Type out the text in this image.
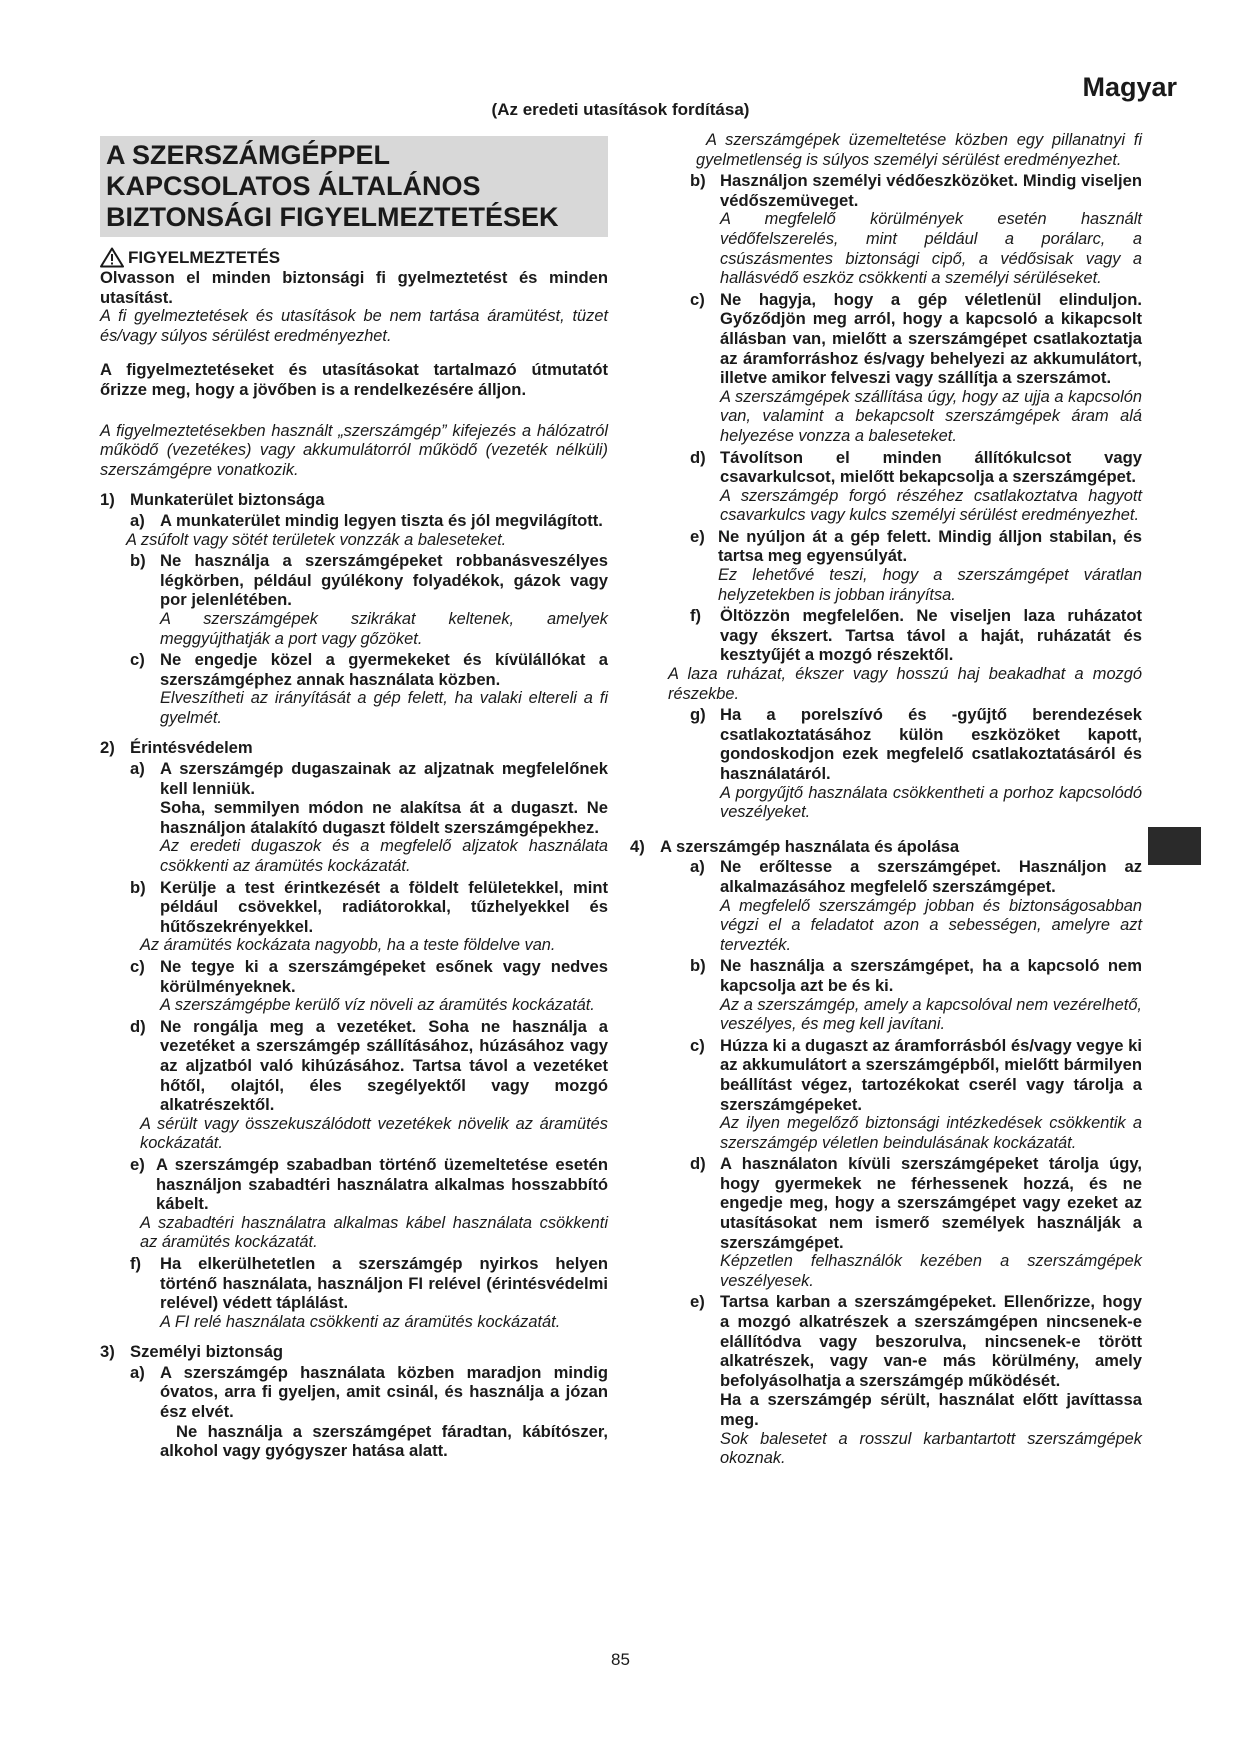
Magyar
(Az eredeti utasítások fordítása)
A SZERSZÁMGÉPPEL
KAPCSOLATOS ÁLTALÁNOS
BIZTONSÁGI FIGYELMEZTETÉSEK
FIGYELMEZTETÉS
Olvasson el minden biztonsági fi gyelmeztetést és minden utasítást.
A fi gyelmeztetések és utasítások be nem tartása áramütést, tüzet és/vagy súlyos sérülést eredményezhet.
A figyelmeztetéseket és utasításokat tartalmazó útmutatót őrizze meg, hogy a jövőben is a rendelkezésére álljon.
A figyelmeztetésekben használt „szerszámgép” kifejezés a hálózatról működő (vezetékes) vagy akkumulátorról működő (vezeték nélküli) szerszámgépre vonatkozik.
1) Munkaterület biztonsága
a) A munkaterület mindig legyen tiszta és jól megvilágított.
A zsúfolt vagy sötét területek vonzzák a baleseteket.
b) Ne használja a szerszámgépeket robbanásveszélyes légkörben, például gyúlékony folyadékok, gázok vagy por jelenlétében.
A szerszámgépek szikrákat keltenek, amelyek meggyújthatják a port vagy gőzöket.
c) Ne engedje közel a gyermekeket és kívülállókat a szerszámgéphez annak használata közben.
Elveszítheti az irányítását a gép felett, ha valaki eltereli a fi gyelmét.
2) Érintésvédelem
a) A szerszámgép dugaszainak az aljzatnak megfelelőnek kell lenniük.
Soha, semmilyen módon ne alakítsa át a dugaszt. Ne használjon átalakító dugaszt földelt szerszámgépekhez.
Az eredeti dugaszok és a megfelelő aljzatok használata csökkenti az áramütés kockázatát.
b) Kerülje a test érintkezését a földelt felületekkel, mint például csövekkel, radiátorokkal, tűzhelyekkel és hűtőszekrényekkel.
Az áramütés kockázata nagyobb, ha a teste földelve van.
c) Ne tegye ki a szerszámgépeket esőnek vagy nedves körülményeknek.
A szerszámgépbe kerülő víz növeli az áramütés kockázatát.
d) Ne rongálja meg a vezetéket. Soha ne használja a vezetéket a szerszámgép szállításához, húzásához vagy az aljzatból való kihúzásához. Tartsa távol a vezetéket hőtől, olajtól, éles szegélyektől vagy mozgó alkatrészektől.
A sérült vagy összekuszálódott vezetékek növelik az áramütés kockázatát.
e) A szerszámgép szabadban történő üzemeltetése esetén használjon szabadtéri használatra alkalmas hosszabbító kábelt.
A szabadtéri használatra alkalmas kábel használata csökkenti az áramütés kockázatát.
f)	Ha elkerülhetetlen a szerszámgép nyirkos helyen történő használata, használjon FI relével (érintésvédelmi relével) védett táplálást.
A FI relé használata csökkenti az áramütés kockázatát.
3) Személyi biztonság
a) A szerszámgép használata közben maradjon mindig óvatos, arra fi gyeljen, amit csinál, és használja a józan ész elvét.
Ne használja a szerszámgépet fáradtan, kábítószer, alkohol vagy gyógyszer hatása alatt.
A szerszámgépek üzemeltetése közben egy pillanatnyi fi gyelmetlenség is súlyos személyi sérülést eredményezhet.
b) Használjon személyi védőeszközöket. Mindig viseljen védőszemüveget.
A megfelelő körülmények esetén használt védőfelszerelés, mint például a porálarc, a csúszásmentes biztonsági cipő, a védősisak vagy a hallásvédő eszköz csökkenti a személyi sérüléseket.
c) Ne hagyja, hogy a gép véletlenül elinduljon. Győződjön meg arról, hogy a kapcsoló a kikapcsolt állásban van, mielőtt a szerszámgépet csatlakoztatja az áramforráshoz és/vagy behelyezi az akkumulátort, illetve amikor felveszi vagy szállítja a szerszámot.
A szerszámgépek szállítása úgy, hogy az ujja a kapcsolón van, valamint a bekapcsolt szerszámgépek áram alá helyezése vonzza a baleseteket.
d) Távolítson el minden állítókulcsot vagy csavarkulcsot, mielőtt bekapcsolja a szerszámgépet.
A szerszámgép forgó részéhez csatlakoztatva hagyott csavarkulcs vagy kulcs személyi sérülést eredményezhet.
e) Ne nyúljon át a gép felett. Mindig álljon stabilan, és tartsa meg egyensúlyát.
Ez lehetővé teszi, hogy a szerszámgépet váratlan helyzetekben is jobban irányítsa.
f)	Öltözzön megfelelően. Ne viseljen laza ruházatot vagy ékszert. Tartsa távol a haját, ruházatát és kesztyűjét a mozgó részektől.
A laza ruházat, ékszer vagy hosszú haj beakadhat a mozgó részekbe.
g) Ha a porelszívó és -gyűjtő berendezések csatlakoztatásához külön eszközöket kapott, gondoskodjon ezek megfelelő csatlakoztatásáról és használatáról.
A porgyűjtő használata csökkentheti a porhoz kapcsolódó veszélyeket.
4) A szerszámgép használata és ápolása
a) Ne erőltesse a szerszámgépet. Használjon az alkalmazásához megfelelő szerszámgépet.
A megfelelő szerszámgép jobban és biztonságosabban végzi el a feladatot azon a sebességen, amelyre azt tervezték.
b) Ne használja a szerszámgépet, ha a kapcsoló nem kapcsolja azt be és ki.
Az a szerszámgép, amely a kapcsolóval nem vezérelhető, veszélyes, és meg kell javítani.
c) Húzza ki a dugaszt az áramforrásból és/vagy vegye ki az akkumulátort a szerszámgépből, mielőtt bármilyen beállítást végez, tartozékokat cserél vagy tárolja a szerszámgépeket.
Az ilyen megelőző biztonsági intézkedések csökkentik a szerszámgép véletlen beindulásának kockázatát.
d) A használaton kívüli szerszámgépeket tárolja úgy, hogy gyermekek ne férhessenek hozzá, és ne engedje meg, hogy a szerszámgépet vagy ezeket az utasításokat nem ismerő személyek használják a szerszámgépet.
Képzetlen felhasználók kezében a szerszámgépek veszélyesek.
e) Tartsa karban a szerszámgépeket. Ellenőrizze, hogy a mozgó alkatrészek a szerszámgépen nincsenek-e elállítódva vagy beszorulva, nincsenek-e törött alkatrészek, vagy van-e más körülmény, amely befolyásolhatja a szerszámgép működését.
Ha a szerszámgép sérült, használat előtt javíttassa meg.
Sok balesetet a rosszul karbantartott szerszámgépek okoznak.
85
